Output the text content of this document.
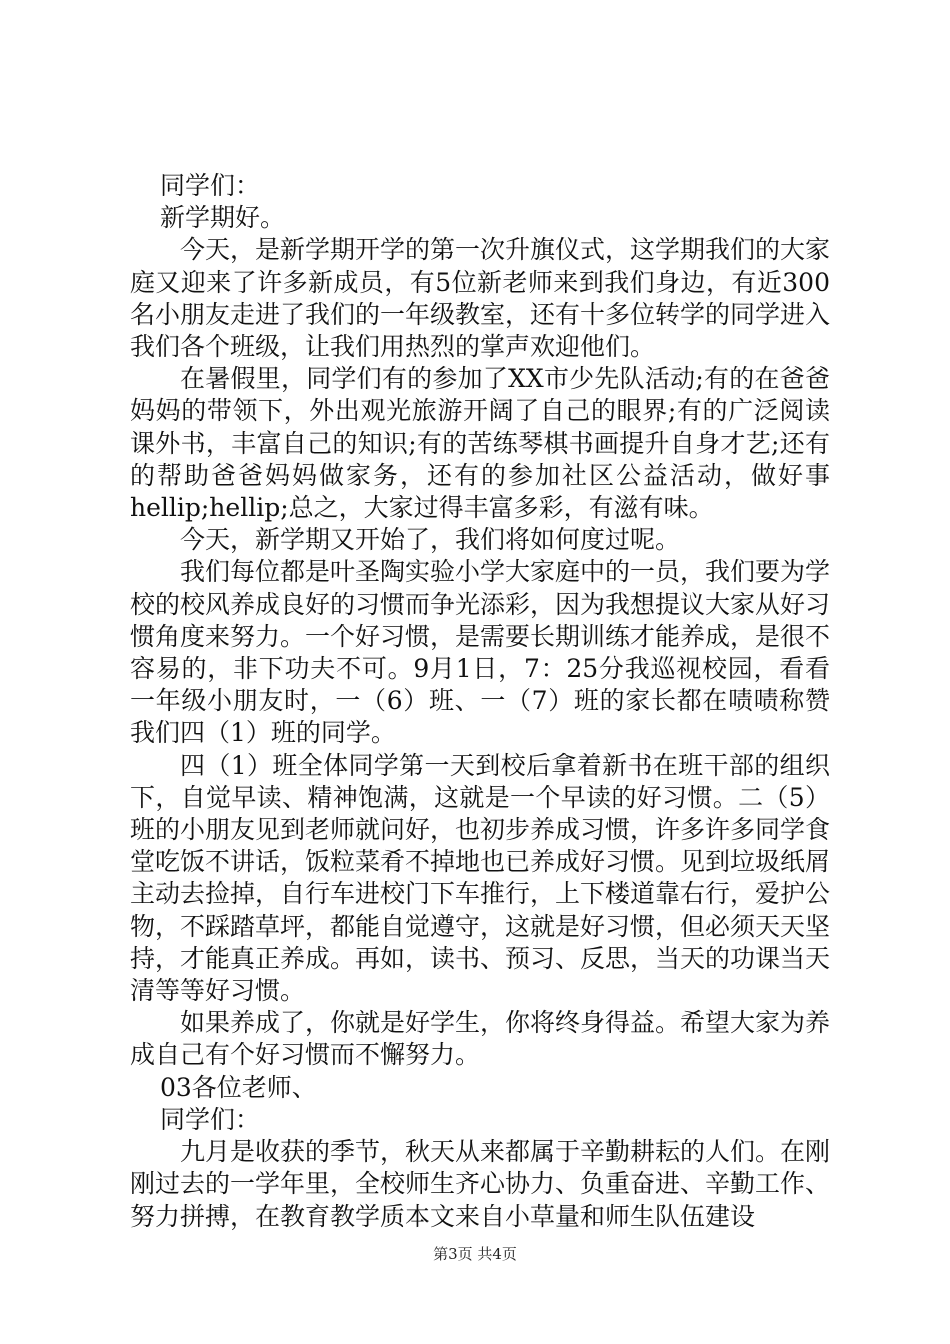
同学们：

新学期好。

今天，是新学期开学的第一次升旗仪式，这学期我们的大家庭又迎来了许多新成员，有5位新老师来到我们身边，有近300名小朋友走进了我们的一年级教室，还有十多位转学的同学进入我们各个班级，让我们用热烈的掌声欢迎他们。

在暑假里，同学们有的参加了XX市少先队活动;有的在爸爸妈妈的带领下，外出观光旅游开阔了自己的眼界;有的广泛阅读课外书，丰富自己的知识;有的苦练琴棋书画提升自身才艺;还有的帮助爸爸妈妈做家务，还有的参加社区公益活动，做好事hellip;hellip;总之，大家过得丰富多彩，有滋有味。

今天，新学期又开始了，我们将如何度过呢。

我们每位都是叶圣陶实验小学大家庭中的一员，我们要为学校的校风养成良好的习惯而争光添彩，因为我想提议大家从好习惯角度来努力。一个好习惯，是需要长期训练才能养成，是很不容易的，非下功夫不可。9月1日，7：25分我巡视校园，看看一年级小朋友时，一（6）班、一（7）班的家长都在啧啧称赞我们四（1）班的同学。

四（1）班全体同学第一天到校后拿着新书在班干部的组织下，自觉早读、精神饱满，这就是一个早读的好习惯。二（5）班的小朋友见到老师就问好，也初步养成习惯，许多许多同学食堂吃饭不讲话，饭粒菜肴不掉地也已养成好习惯。见到垃圾纸屑主动去捡掉，自行车进校门下车推行，上下楼道靠右行，爱护公物，不踩踏草坪，都能自觉遵守，这就是好习惯，但必须天天坚持，才能真正养成。再如，读书、预习、反思，当天的功课当天清等等好习惯。

如果养成了，你就是好学生，你将终身得益。希望大家为养成自己有个好习惯而不懈努力。

03各位老师、

同学们：

九月是收获的季节，秋天从来都属于辛勤耕耘的人们。在刚刚过去的一学年里，全校师生齐心协力、负重奋进、辛勤工作、努力拼搏，在教育教学质本文来自小草量和师生队伍建设

第3页 共4页
